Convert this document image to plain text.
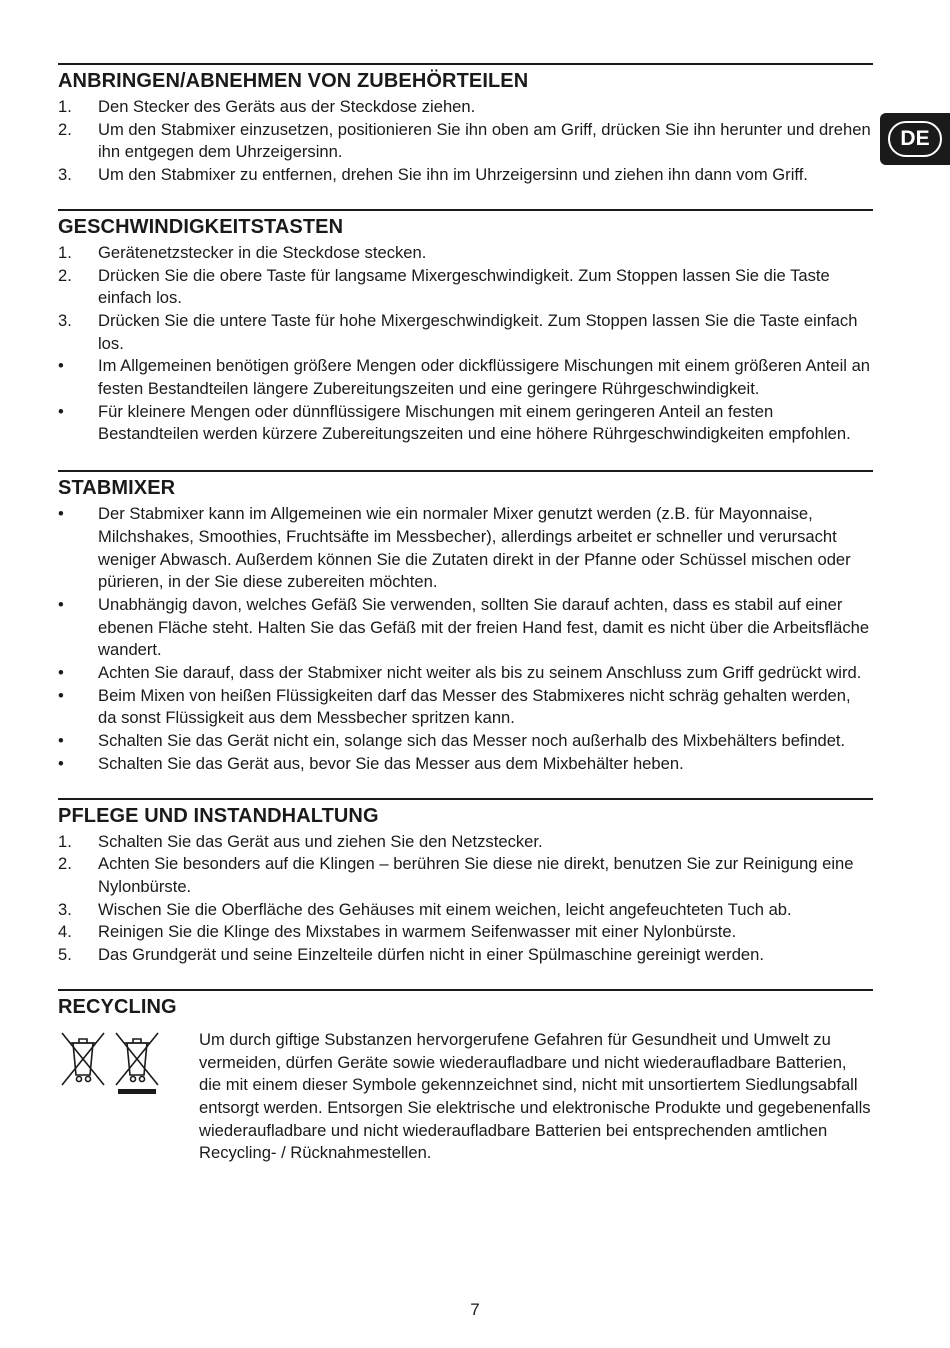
DE
ANBRINGEN/ABNEHMEN VON ZUBEHÖRTEILEN
1. Den Stecker des Geräts aus der Steckdose ziehen.
2. Um den Stabmixer einzusetzen, positionieren Sie ihn oben am Griff, drücken Sie ihn herunter und drehen ihn entgegen dem Uhrzeigersinn.
3. Um den Stabmixer zu entfernen, drehen Sie ihn im Uhrzeigersinn und ziehen ihn dann vom Griff.
GESCHWINDIGKEITSTASTEN
1. Gerätenetzstecker in die Steckdose stecken.
2. Drücken Sie die obere Taste für langsame Mixergeschwindigkeit. Zum Stoppen lassen Sie die Taste einfach los.
3. Drücken Sie die untere Taste für hohe Mixergeschwindigkeit. Zum Stoppen lassen Sie die Taste einfach los.
• Im Allgemeinen benötigen größere Mengen oder dickflüssigere Mischungen mit einem größeren Anteil an festen Bestandteilen längere Zubereitungszeiten und eine geringere Rührgeschwindigkeit.
• Für kleinere Mengen oder dünnflüssigere Mischungen mit einem geringeren Anteil an festen Bestandteilen werden kürzere Zubereitungszeiten und eine höhere Rührgeschwindigkeiten empfohlen.
STABMIXER
• Der Stabmixer kann im Allgemeinen wie ein normaler Mixer genutzt werden (z.B. für Mayonnaise, Milchshakes, Smoothies, Fruchtsäfte im Messbecher), allerdings arbeitet er schneller und verursacht weniger Abwasch. Außerdem können Sie die Zutaten direkt in der Pfanne oder Schüssel mischen oder pürieren, in der Sie diese zubereiten möchten.
• Unabhängig davon, welches Gefäß Sie verwenden, sollten Sie darauf achten, dass es stabil auf einer ebenen Fläche steht. Halten Sie das Gefäß mit der freien Hand fest, damit es nicht über die Arbeitsfläche wandert.
• Achten Sie darauf, dass der Stabmixer nicht weiter als bis zu seinem Anschluss zum Griff gedrückt wird.
• Beim Mixen von heißen Flüssigkeiten darf das Messer des Stabmixeres nicht schräg gehalten werden, da sonst Flüssigkeit aus dem Messbecher spritzen kann.
• Schalten Sie das Gerät nicht ein, solange sich das Messer noch außerhalb des Mixbehälters befindet.
• Schalten Sie das Gerät aus, bevor Sie das Messer aus dem Mixbehälter heben.
PFLEGE UND INSTANDHALTUNG
1. Schalten Sie das Gerät aus und ziehen Sie den Netzstecker.
2. Achten Sie besonders auf die Klingen – berühren Sie diese nie direkt, benutzen Sie zur Reinigung eine Nylonbürste.
3. Wischen Sie die Oberfläche des Gehäuses mit einem weichen, leicht angefeuchteten Tuch ab.
4. Reinigen Sie die Klinge des Mixstabes in warmem Seifenwasser mit einer Nylonbürste.
5. Das Grundgerät und seine Einzelteile dürfen nicht in einer Spülmaschine gereinigt werden.
RECYCLING
Um durch giftige Substanzen hervorgerufene Gefahren für Gesundheit und Umwelt zu vermeiden, dürfen Geräte sowie wiederaufladbare und nicht wiederaufladbare Batterien, die mit einem dieser Symbole gekennzeichnet sind, nicht mit unsortiertem Siedlungsabfall entsorgt werden. Entsorgen Sie elektrische und elektronische Produkte und gegebenenfalls wiederaufladbare und nicht wiederaufladbare Batterien bei entsprechenden amtlichen Recycling- / Rücknahmestellen.
7
